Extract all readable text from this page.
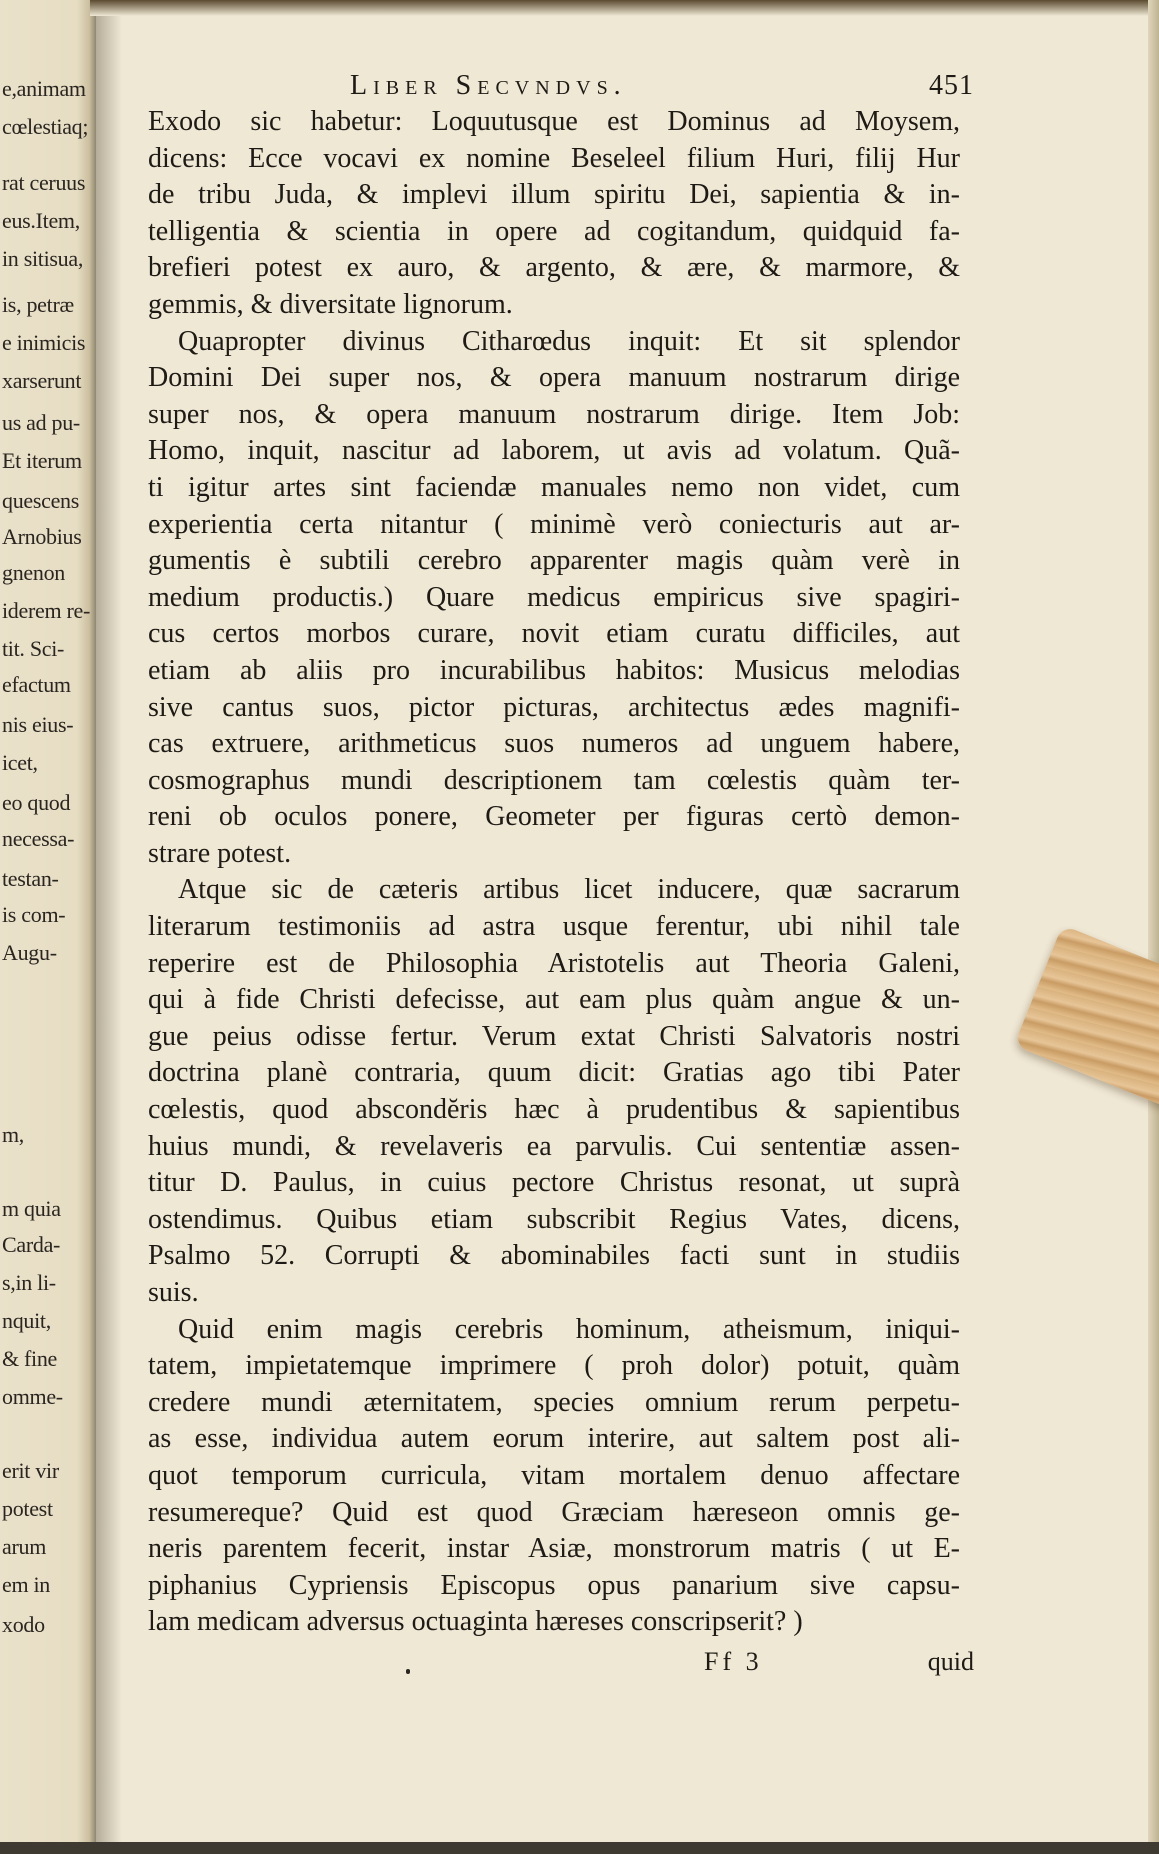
e,animam
cœlestiaq;
rat ceruus
eus.Item,
in sitisua,
is, petræ
e inimicis
xarserunt
us ad pu-
Et iterum
quescens
Arnobius
gnenon
iderem re-
tit. Sci-
efactum
nis eius-
icet,
eo quod
necessa-
testan-
is com-
Augu-
m,
m quia
Carda-
s,in li-
nquit,
& fine
omme-
erit vir
potest
arum
em in
xodo
Liber Secvndvs.	451
Exodo sic habetur: Loquutusque est Dominus ad Moysem,
dicens: Ecce vocavi ex nomine Beseleel filium Huri, filij Hur
de tribu Juda, & implevi illum spiritu Dei, sapientia & in-
telligentia & scientia in opere ad cogitandum, quidquid fa-
brefieri potest ex auro, & argento, & ære, & marmore, &
gemmis, & diversitate lignorum.
Quapropter divinus Citharœdus inquit: Et sit splendor
Domini Dei super nos, & opera manuum nostrarum dirige
super nos, & opera manuum nostrarum dirige. Item Job:
Homo, inquit, nascitur ad laborem, ut avis ad volatum. Quã-
ti igitur artes sint faciendæ manuales nemo non videt, cum
experientia certa nitantur ( minimè verò coniecturis aut ar-
gumentis è subtili cerebro apparenter magis quàm verè in
medium productis.) Quare medicus empiricus sive spagiri-
cus certos morbos curare, novit etiam curatu difficiles, aut
etiam ab aliis pro incurabilibus habitos: Musicus melodias
sive cantus suos, pictor picturas, architectus ædes magnifi-
cas extruere, arithmeticus suos numeros ad unguem habere,
cosmographus mundi descriptionem tam cœlestis quàm ter-
reni ob oculos ponere, Geometer per figuras certò demon-
strare potest.
Atque sic de cæteris artibus licet inducere, quæ sacrarum
literarum testimoniis ad astra usque ferentur, ubi nihil tale
reperire est de Philosophia Aristotelis aut Theoria Galeni,
qui à fide Christi defecisse, aut eam plus quàm angue & un-
gue peius odisse fertur. Verum extat Christi Salvatoris nostri
doctrina planè contraria, quum dicit: Gratias ago tibi Pater
cœlestis, quod abscondĕris hæc à prudentibus & sapientibus
huius mundi, & revelaveris ea parvulis. Cui sententiæ assen-
titur D. Paulus, in cuius pectore Christus resonat, ut suprà
ostendimus. Quibus etiam subscribit Regius Vates, dicens,
Psalmo 52. Corrupti & abominabiles facti sunt in studiis
suis.
Quid enim magis cerebris hominum, atheismum, iniqui-
tatem, impietatemque imprimere ( proh dolor) potuit, quàm
credere mundi æternitatem, species omnium rerum perpetu-
as esse, individua autem eorum interire, aut saltem post ali-
quot temporum curricula, vitam mortalem denuo affectare
resumereque? Quid est quod Græciam hæreseon omnis ge-
neris parentem fecerit, instar Asiæ, monstrorum matris ( ut E-
piphanius Cypriensis Episcopus opus panarium sive capsu-
lam medicam adversus octuaginta hæreses conscripserit? )
Ff 3	quid
